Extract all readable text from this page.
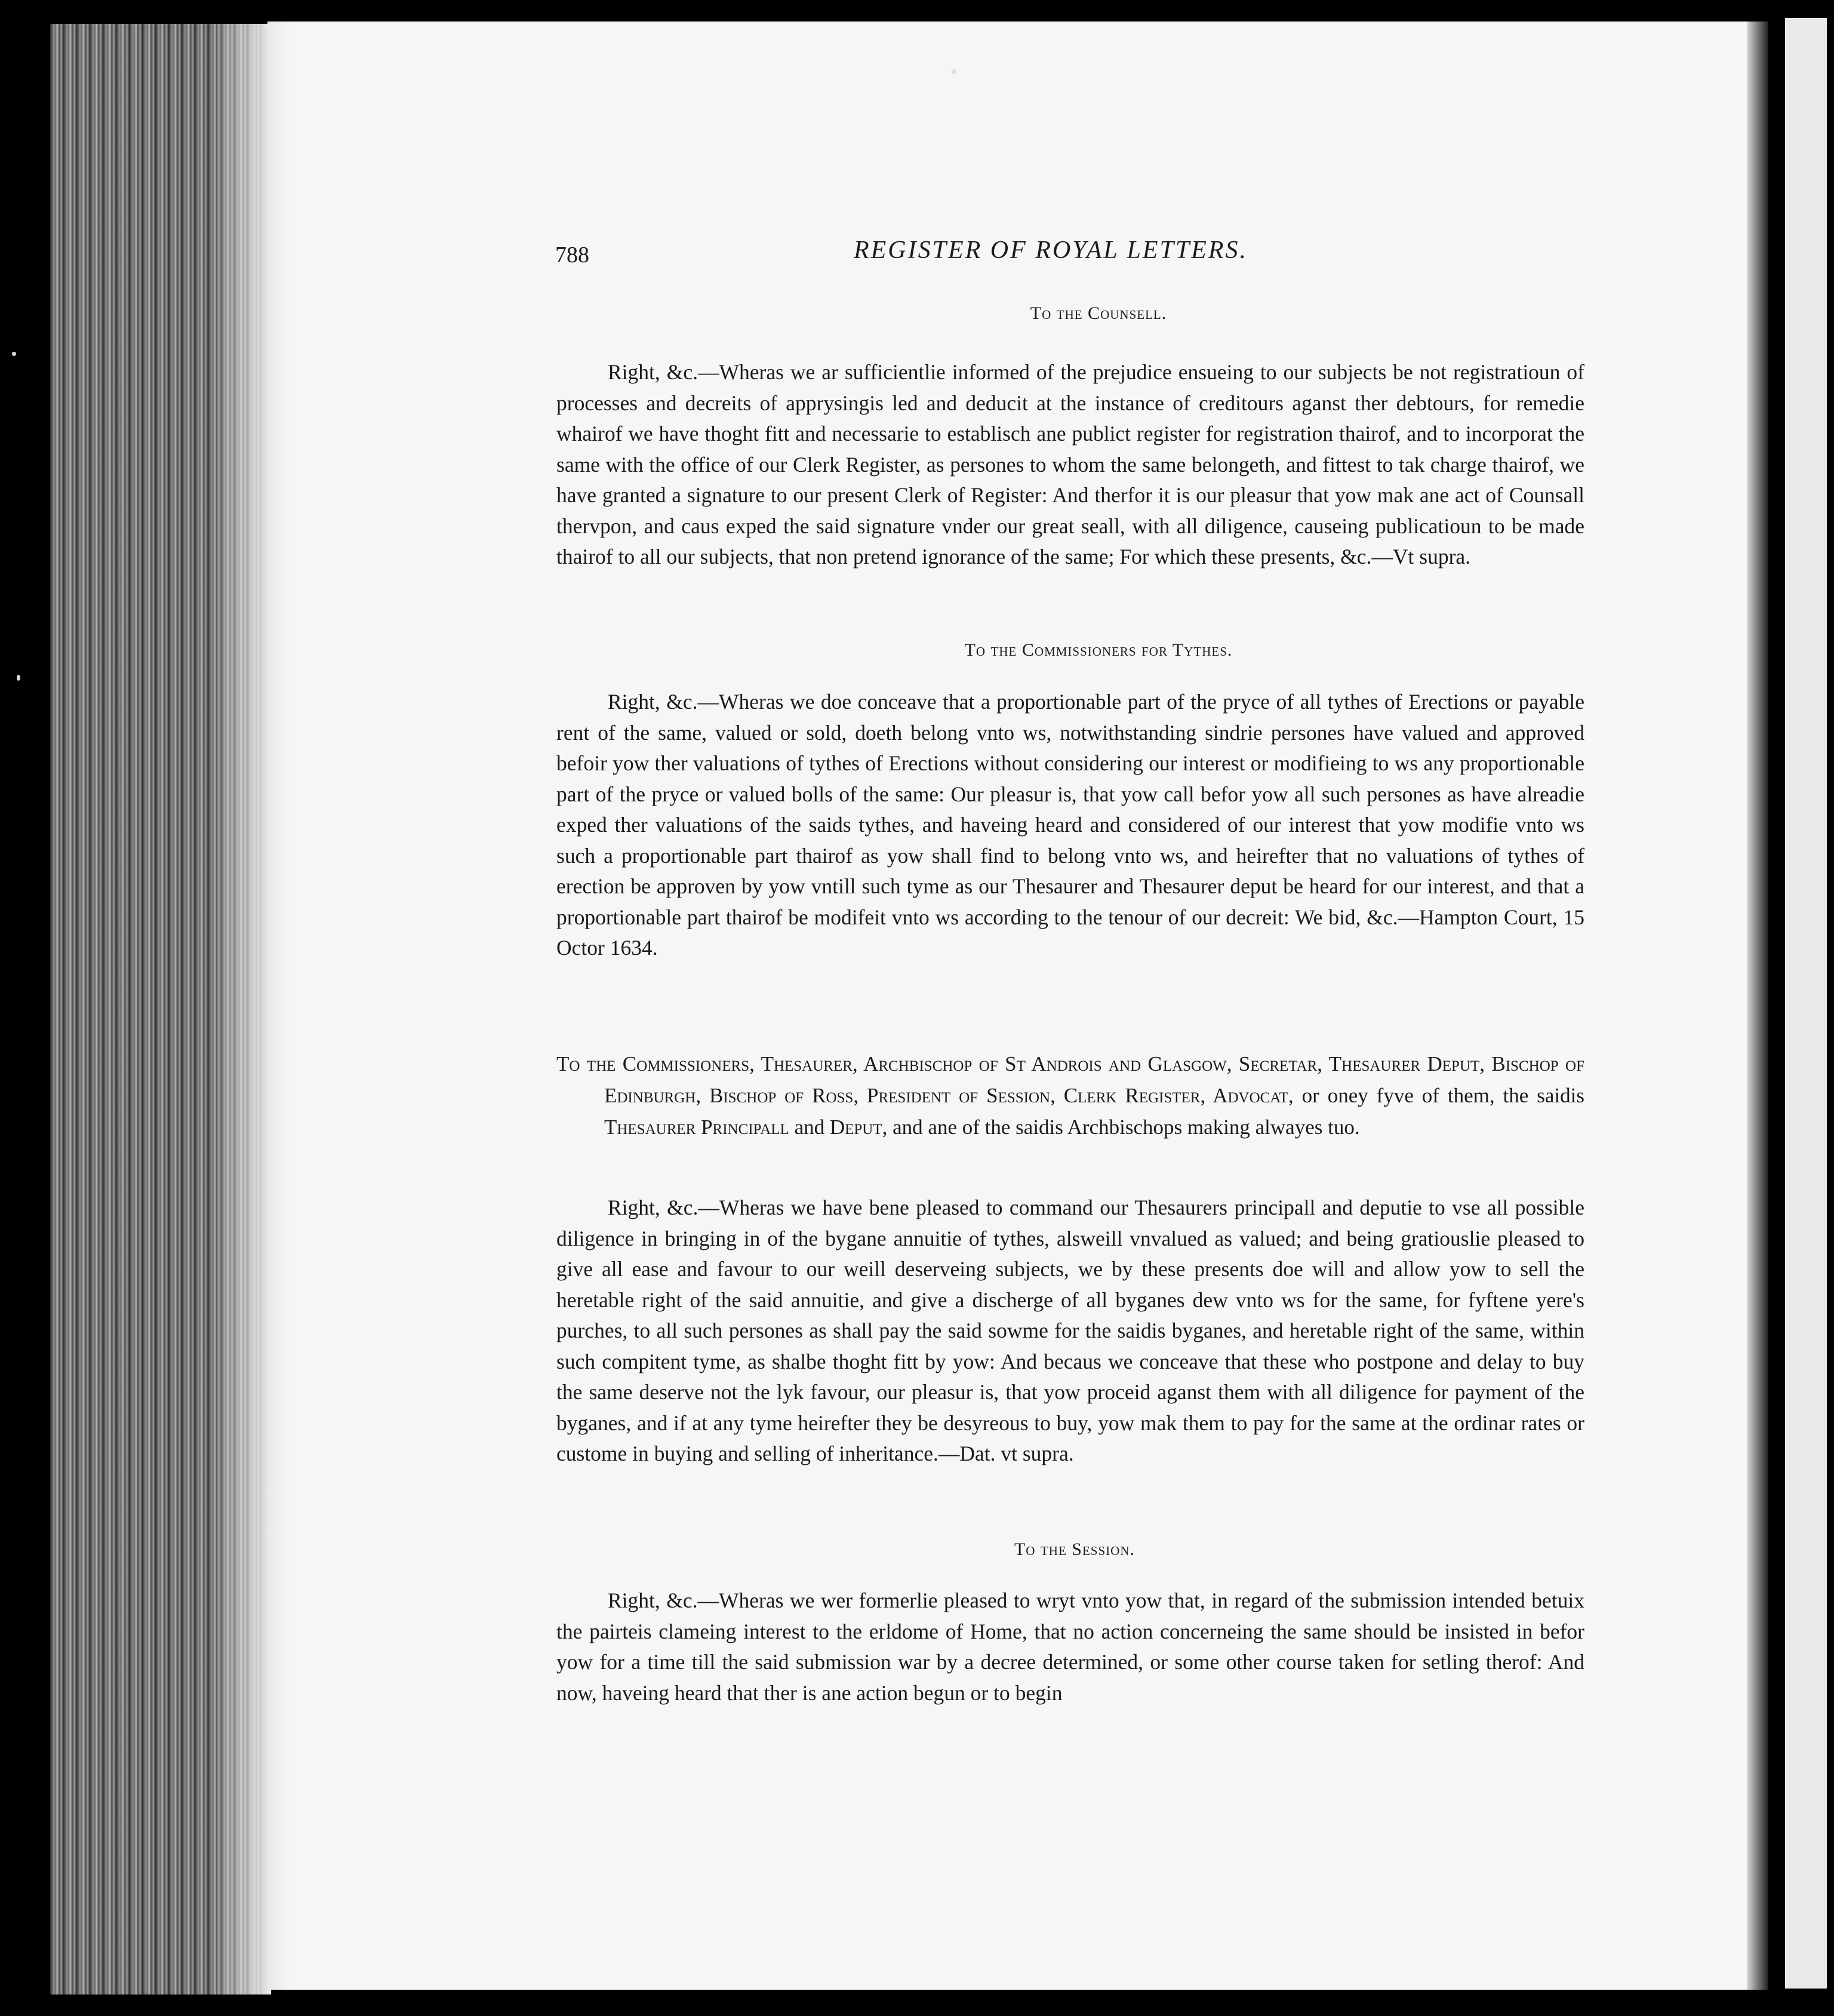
788	REGISTER OF ROYAL LETTERS.
To the Counsell.
Right, &c.—Wheras we ar sufficientlie informed of the prejudice ensueing to our subjects be not registratioun of processes and decreits of apprysingis led and deducit at the instance of creditours aganst ther debtours, for remedie whairof we have thoght fitt and necessarie to establisch ane publict register for registration thairof, and to incorporat the same with the office of our Clerk Register, as persones to whom the same belongeth, and fittest to tak charge thairof, we have granted a signature to our present Clerk of Register: And therfor it is our pleasur that yow mak ane act of Counsall thervpon, and caus exped the said signature vnder our great seall, with all diligence, causeing publicatioun to be made thairof to all our subjects, that non pretend ignorance of the same; For which these presents, &c.—Vt supra.
To the Commissioners for Tythes.
Right, &c.—Wheras we doe conceave that a proportionable part of the pryce of all tythes of Erections or payable rent of the same, valued or sold, doeth belong vnto ws, notwithstanding sindrie persones have valued and approved befoir yow ther valuations of tythes of Erections without considering our interest or modifieing to ws any proportionable part of the pryce or valued bolls of the same: Our pleasur is, that yow call befor yow all such persones as have alreadie exped ther valuations of the saids tythes, and haveing heard and considered of our interest that yow modifie vnto ws such a proportionable part thairof as yow shall find to belong vnto ws, and heirefter that no valuations of tythes of erection be approven by yow vntill such tyme as our Thesaurer and Thesaurer deput be heard for our interest, and that a proportionable part thairof be modifeit vnto ws according to the tenour of our decreit: We bid, &c.—Hampton Court, 15 Octor 1634.
To the Commissioners, Thesaurer, Archbischop of St Androis and Glasgow, Secretar, Thesaurer Deput, Bischop of Edinburgh, Bischop of Ross, President of Session, Clerk Register, Advocat, or oney fyve of them, the saidis Thesaurer Principall and Deput, and ane of the saidis Archbischops making alwayes tuo.
Right, &c.—Wheras we have bene pleased to command our Thesaurers principall and deputie to vse all possible diligence in bringing in of the bygane annuitie of tythes, alsweill vnvalued as valued; and being gratiouslie pleased to give all ease and favour to our weill deserveing subjects, we by these presents doe will and allow yow to sell the heretable right of the said annuitie, and give a discherge of all byganes dew vnto ws for the same, for fyftene yere's purches, to all such persones as shall pay the said sowme for the saidis byganes, and heretable right of the same, within such compitent tyme, as shalbe thoght fitt by yow: And becaus we conceave that these who postpone and delay to buy the same deserve not the lyk favour, our pleasur is, that yow proceid aganst them with all diligence for payment of the byganes, and if at any tyme heirefter they be desyreous to buy, yow mak them to pay for the same at the ordinar rates or custome in buying and selling of inheritance.—Dat. vt supra.
To the Session.
Right, &c.—Wheras we wer formerlie pleased to wryt vnto yow that, in regard of the submission intended betuix the pairteis clameing interest to the erldome of Home, that no action concerneing the same should be insisted in befor yow for a time till the said submission war by a decree determined, or some other course taken for setling therof: And now, haveing heard that ther is ane action begun or to begin
